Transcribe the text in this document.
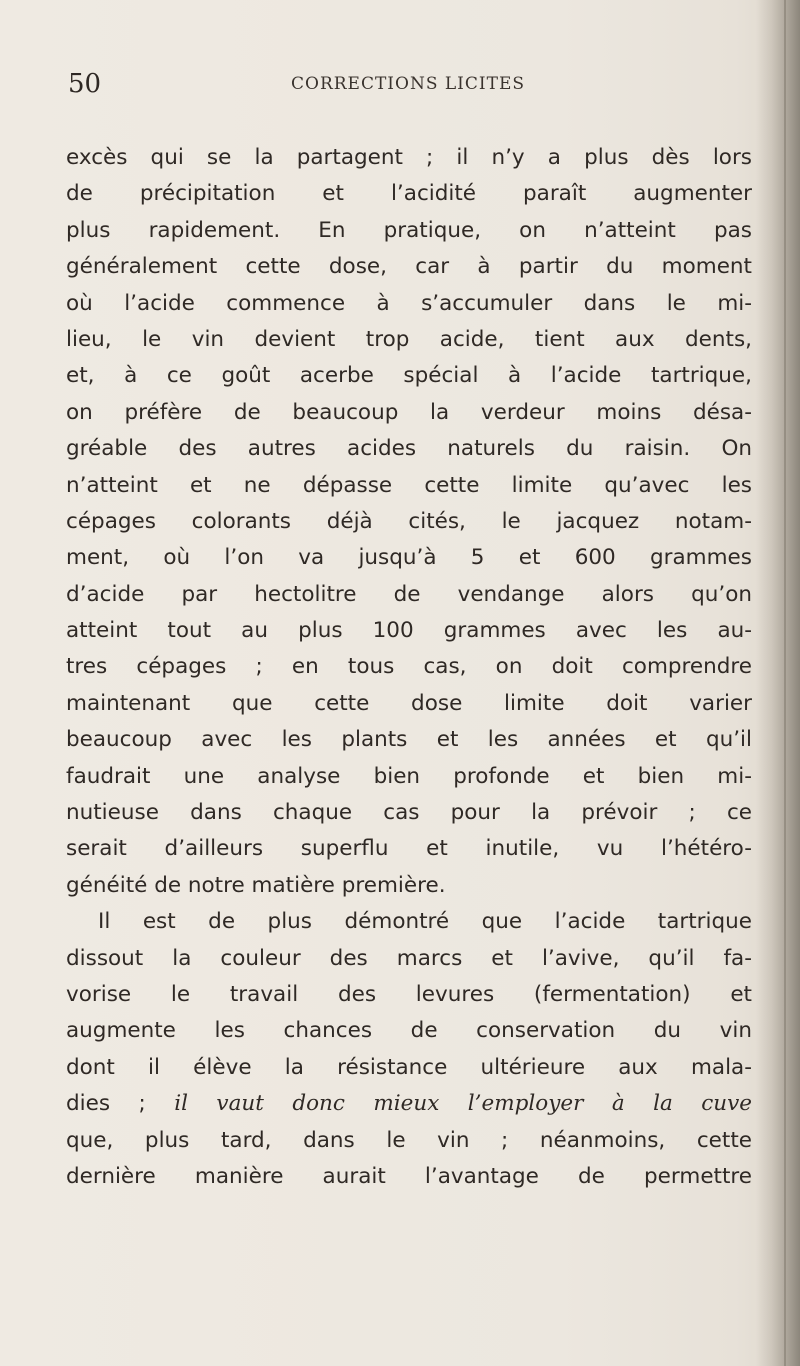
50	CORRECTIONS LICITES
excès qui se la partagent ; il n’y a plus dès lors
de précipitation et l’acidité paraît augmenter
plus rapidement. En pratique, on n’atteint pas
généralement cette dose, car à partir du moment
où l’acide commence à s’accumuler dans le mi-
lieu, le vin devient trop acide, tient aux dents,
et, à ce goût acerbe spécial à l’acide tartrique,
on préfère de beaucoup la verdeur moins désa-
gréable des autres acides naturels du raisin. On
n’atteint et ne dépasse cette limite qu’avec les
cépages colorants déjà cités, le jacquez notam-
ment, où l’on va jusqu’à 5 et 600 grammes
d’acide par hectolitre de vendange alors qu’on
atteint tout au plus 100 grammes avec les au-
tres cépages ; en tous cas, on doit comprendre
maintenant que cette dose limite doit varier
beaucoup avec les plants et les années et qu’il
faudrait une analyse bien profonde et bien mi-
nutieuse dans chaque cas pour la prévoir ; ce
serait d’ailleurs superflu et inutile, vu l’hétéro-
généité de notre matière première.
Il est de plus démontré que l’acide tartrique
dissout la couleur des marcs et l’avive, qu’il fa-
vorise le travail des levures (fermentation) et
augmente les chances de conservation du vin
dont il élève la résistance ultérieure aux mala-
dies ; il vaut donc mieux l’employer à la cuve
que, plus tard, dans le vin ; néanmoins, cette
dernière manière aurait l’avantage de permettre
